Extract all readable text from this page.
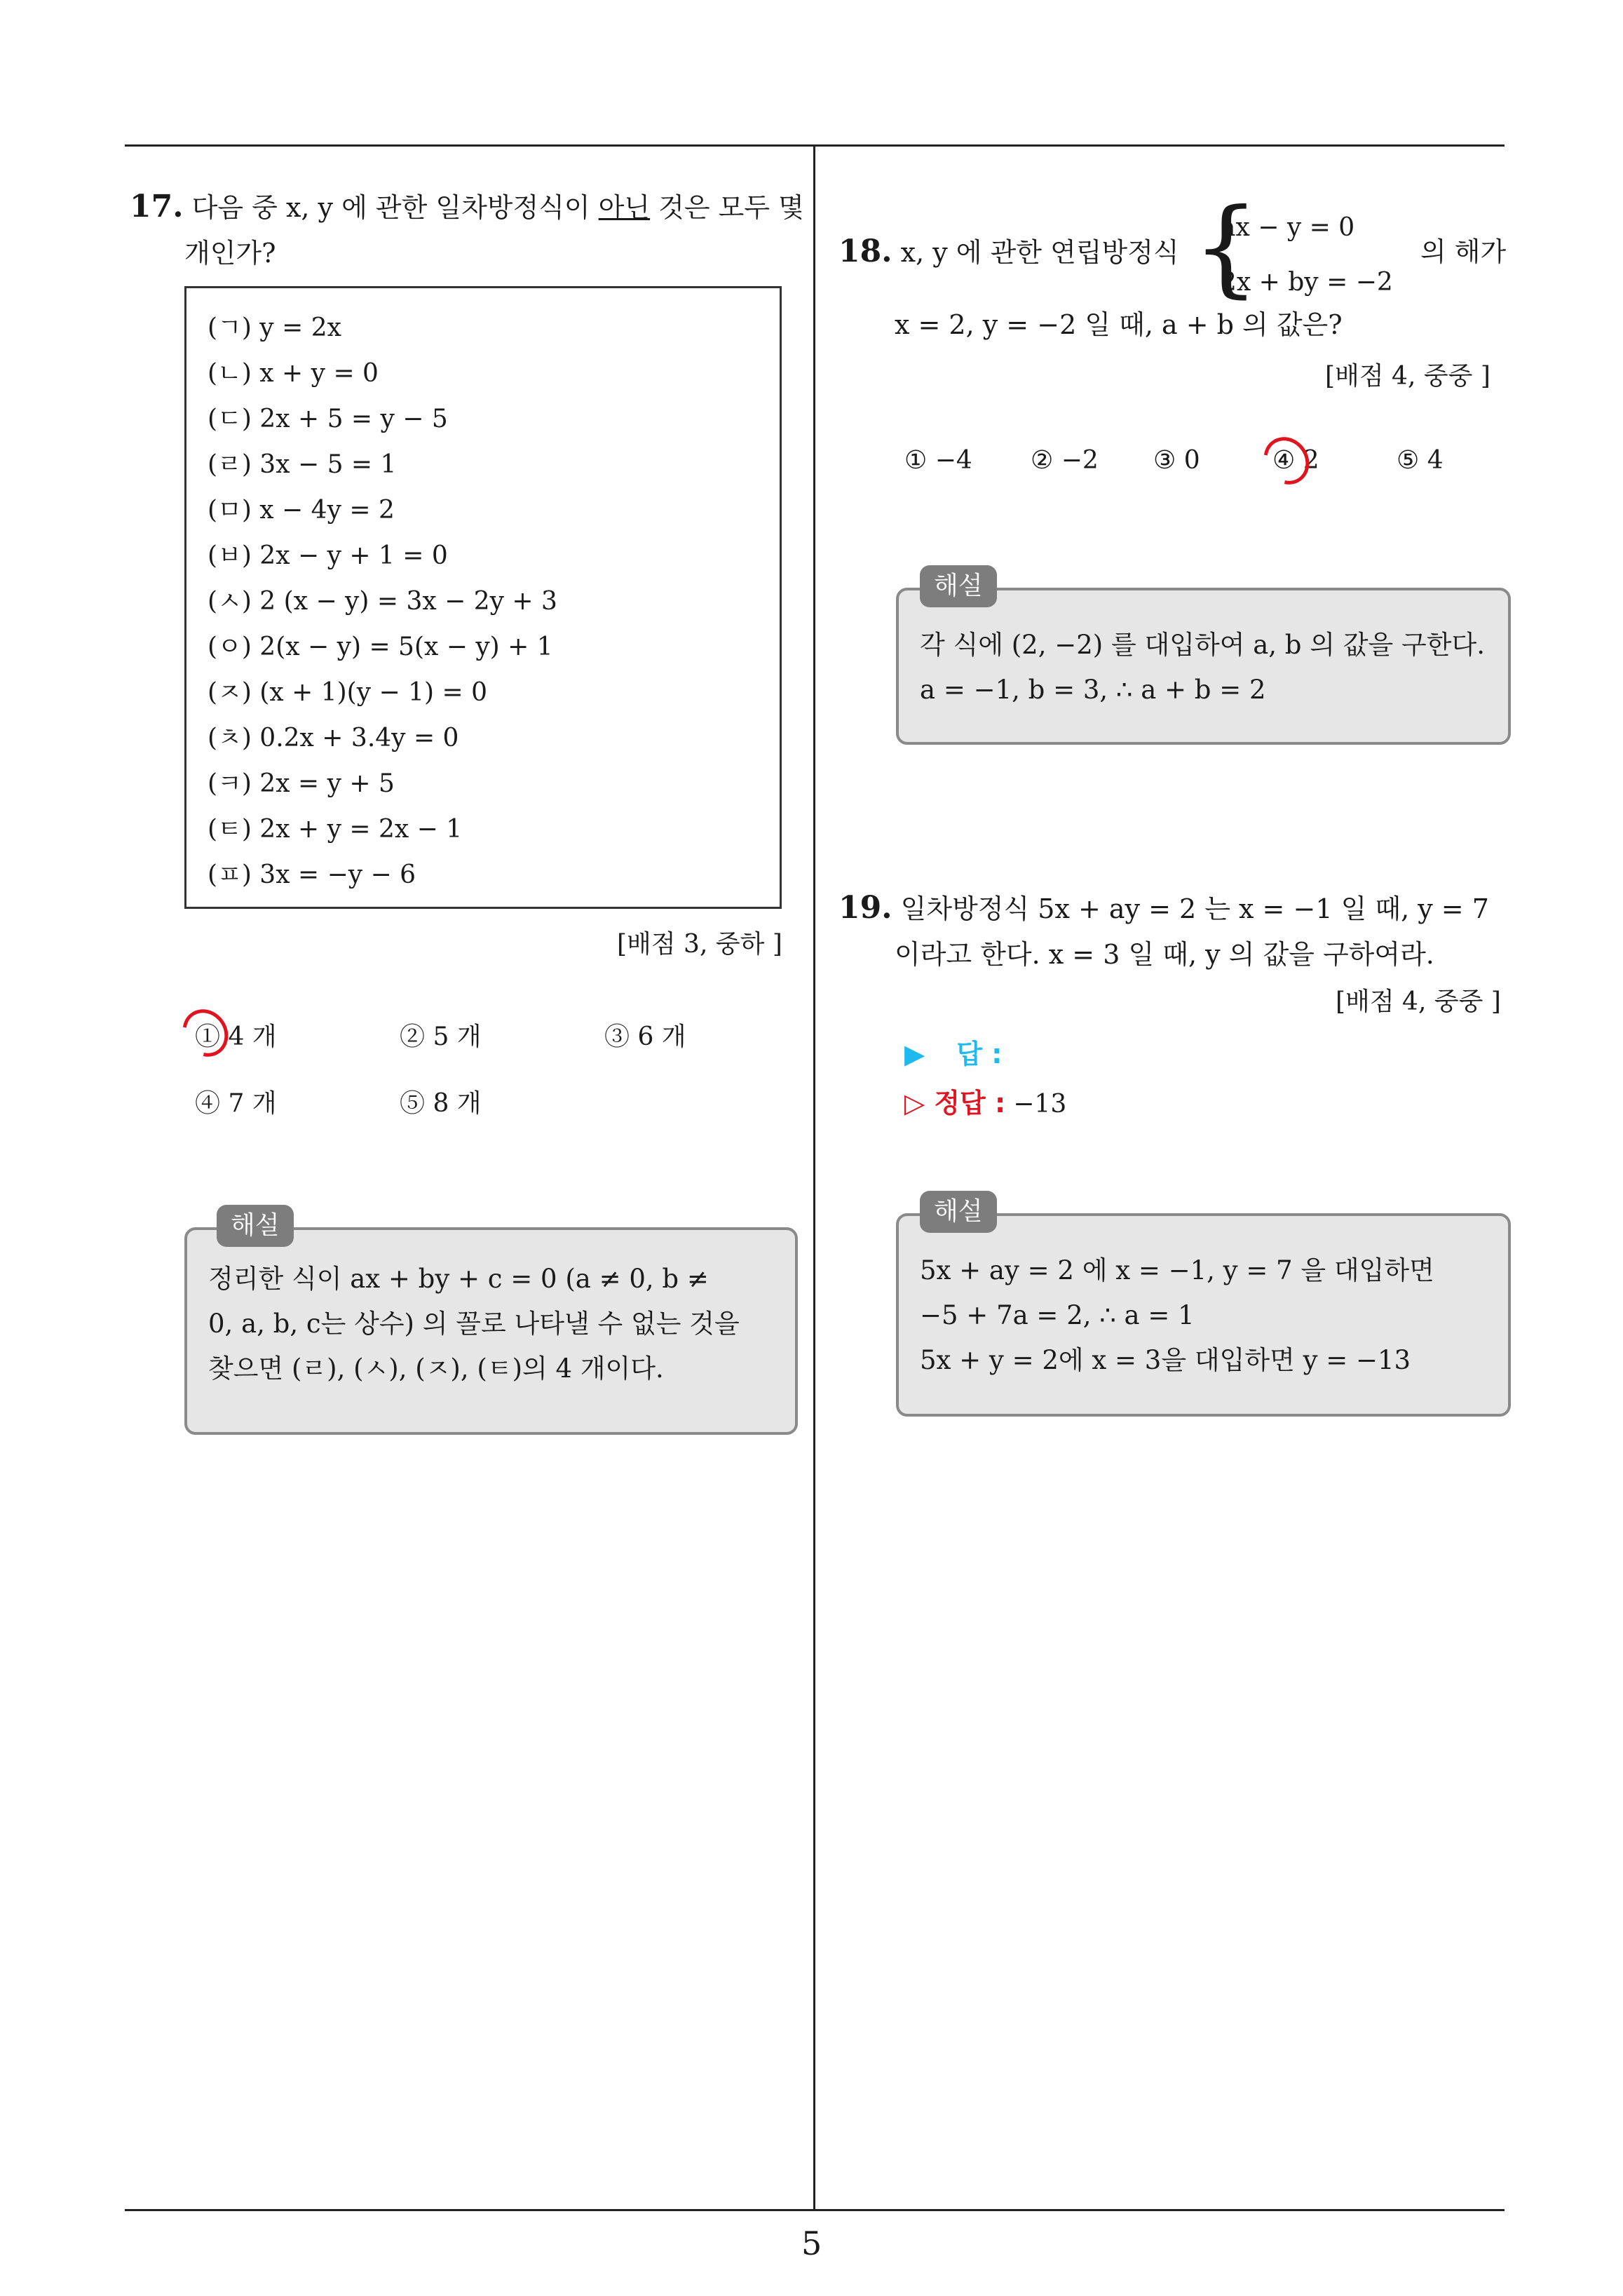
17. 다음 중 x, y 에 관한 일차방정식이 아닌 것은 모두 몇
개인가?
(ㄱ) y = 2x
(ㄴ) x + y = 0
(ㄷ) 2x + 5 = y − 5
(ㄹ) 3x − 5 = 1
(ㅁ) x − 4y = 2
(ㅂ) 2x − y + 1 = 0
(ㅅ) 2 (x − y) = 3x − 2y + 3
(ㅇ) 2(x − y) = 5(x − y) + 1
(ㅈ) (x + 1)(y − 1) = 0
(ㅊ) 0.2x + 3.4y = 0
(ㅋ) 2x = y + 5
(ㅌ) 2x + y = 2x − 1
(ㅍ) 3x = −y − 6
[배점 3, 중하 ]
① 4 개	② 5 개	③ 6 개
④ 7 개	⑤ 8 개
해설
정리한 식이 ax + by + c = 0 (a ≠ 0, b ≠
0, a, b, c는 상수) 의 꼴로 나타낼 수 없는 것을
찾으면 (ㄹ), (ㅅ), (ㅈ), (ㅌ)의 4 개이다.
18. x, y 에 관한 연립방정식 {
ax − y = 0
2x + by = −2
의 해가
x = 2, y = −2 일 때, a + b 의 값은?
[배점 4, 중중 ]
① −4 ② −2 ③ 0	④ 2	⑤ 4
해설
각 식에 (2, −2) 를 대입하여 a, b 의 값을 구한다.
a = −1, b = 3, ∴ a + b = 2
19. 일차방정식 5x + ay = 2 는 x = −1 일 때, y = 7
이라고 한다. x = 3 일 때, y 의 값을 구하여라.
[배점 4, 중중 ]
▶ 답 :
▷ 정답 : −13
해설
5x + ay = 2 에 x = −1, y = 7 을 대입하면
−5 + 7a = 2, ∴ a = 1
5x + y = 2에 x = 3을 대입하면 y = −13
5
